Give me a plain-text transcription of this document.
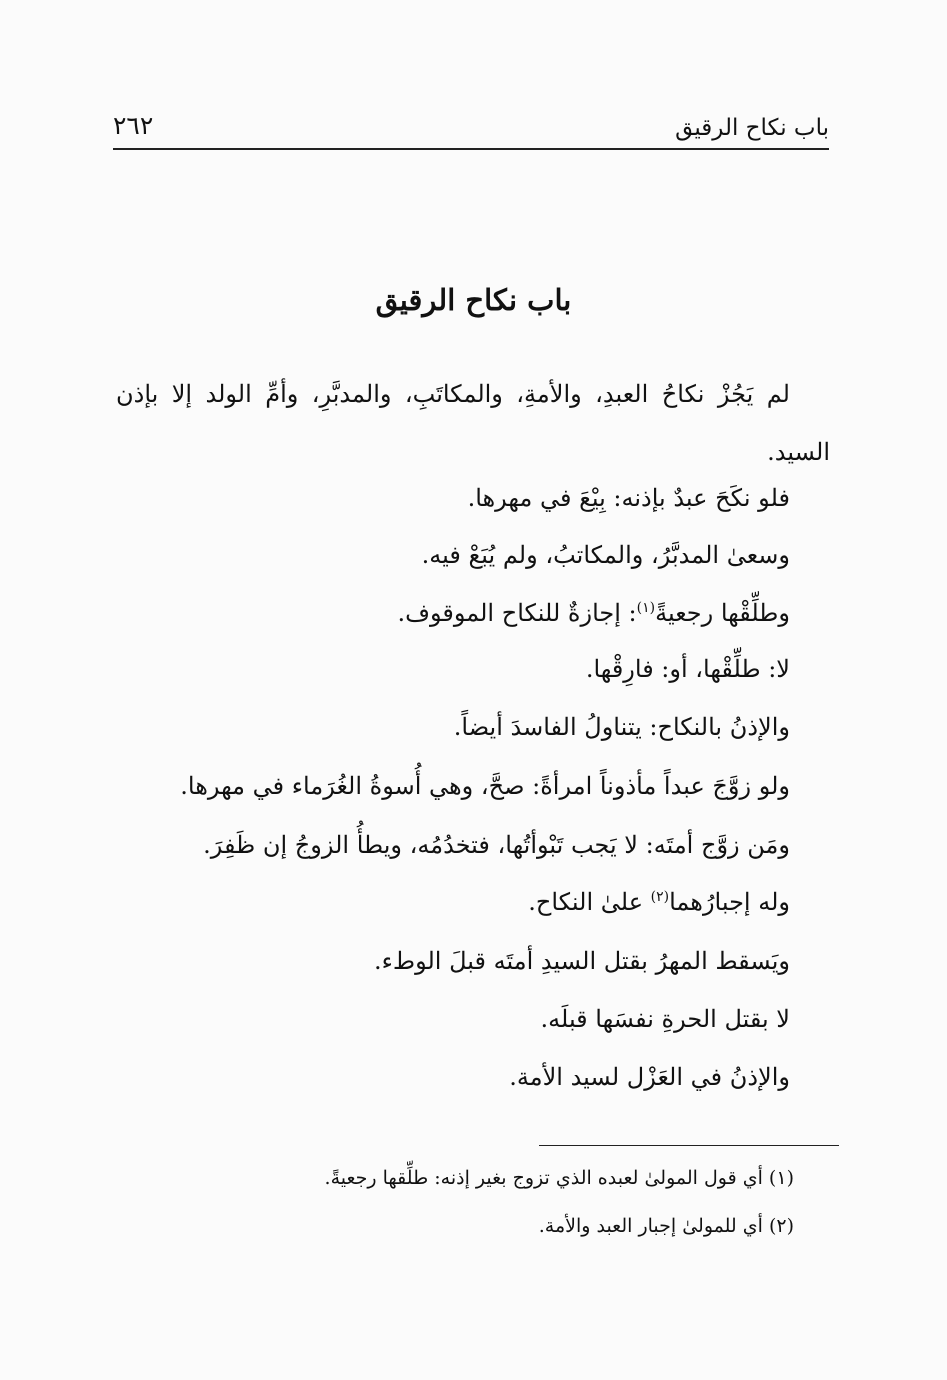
باب نكاح الرقيق
٢٦٢
باب نكاح الرقيق

لم يَجُزْ نكاحُ العبدِ، والأمةِ، والمكاتَبِ، والمدبَّرِ، وأمِّ الولد إلا بإذن السيد.

فلو نكَحَ عبدٌ بإذنه: بِيْعَ في مهرها.
وسعىٰ المدبَّرُ، والمكاتبُ، ولم يُبَعْ فيه.
وطلِّقْها رجعيةً$^{(١)}$: إجازةٌ للنكاح الموقوف.
لا: طلِّقْها، أو: فارِقْها.
والإذنُ بالنكاح: يتناولُ الفاسدَ أيضاً.
ولو زوَّجَ عبداً مأذوناً امرأةً: صحَّ، وهي أُسوةُ الغُرَماء في مهرها.
ومَن زوَّج أمتَه: لا يَجب تَبْوأتُها، فتخدُمُه، ويطأُ الزوجُ إن ظَفِرَ.
وله إجبارُهما$^{(٢)}$ علىٰ النكاح.
ويَسقط المهرُ بقتل السيدِ أمتَه قبلَ الوطء.
لا بقتل الحرةِ نفسَها قبلَه.
والإذنُ في العَزْل لسيد الأمة.
(١) أي قول المولىٰ لعبده الذي تزوج بغير إذنه: طلِّقها رجعيةً.
(٢) أي للمولىٰ إجبار العبد والأمة.
